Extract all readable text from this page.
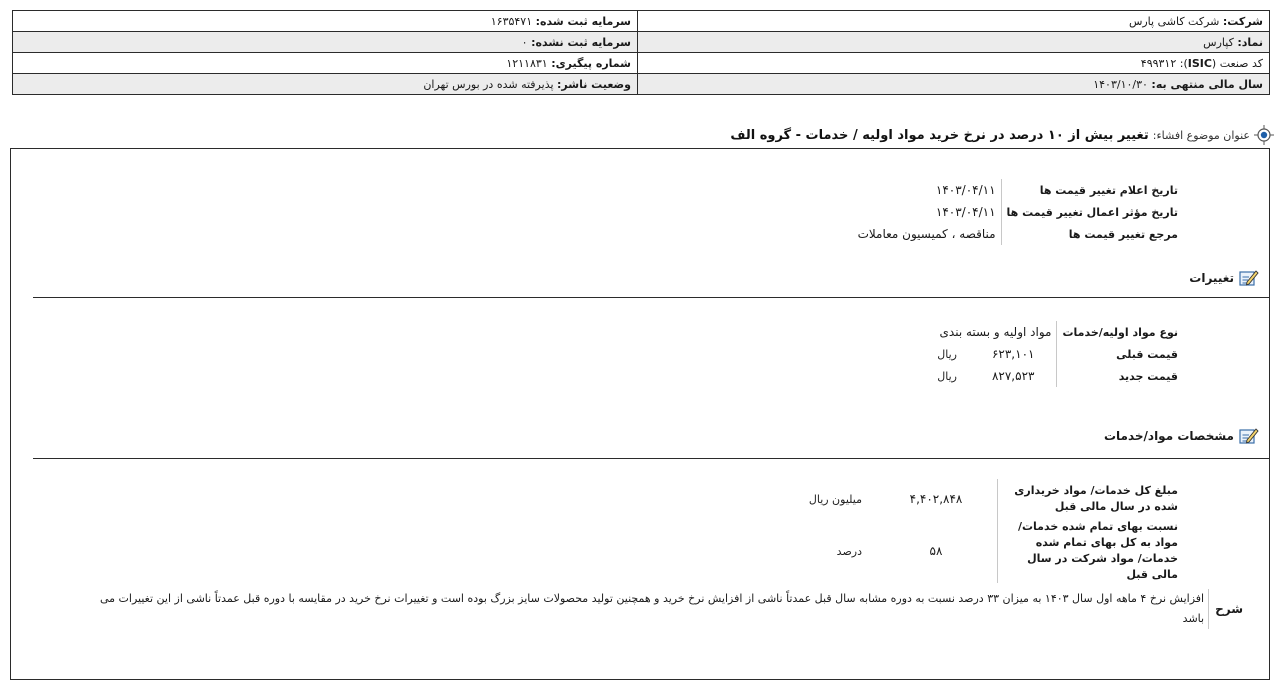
شرکت: شرکت کاشی پارس	سرمایه ثبت شده: ۱۶۳۵۴۷۱
نماد: کپارس	سرمایه ثبت نشده: ۰
کد صنعت (ISIC): ۴۹۹۳۱۲	شماره پیگیری: ۱۲۱۱۸۳۱
سال مالی منتهی به: ۱۴۰۳/۱۰/۳۰	وضعیت ناشر: پذیرفته شده در بورس تهران
عنوان موضوع افشاء:
تغییر بیش از ۱۰ درصد در نرخ خرید مواد اولیه / خدمات - گروه الف
تاریخ اعلام تغییر قیمت ها	۱۴۰۳/۰۴/۱۱
تاریخ مؤثر اعمال تغییر قیمت ها	۱۴۰۳/۰۴/۱۱
مرجع تغییر قیمت ها	مناقصه ، کمیسیون معاملات
تغییرات
نوع مواد اولیه/خدمات	مواد اولیه و بسته بندی	
قیمت قبلی	۶۲۳,۱۰۱	ریال
قیمت جدید	۸۲۷,۵۲۳	ریال
مشخصات مواد/خدمات
مبلغ کل خدمات/ مواد خریداری شده در سال مالی قبل	۴,۴۰۲,۸۴۸	میلیون ریال
نسبت بهای تمام شده خدمات/ مواد به کل بهای تمام شده خدمات/ مواد شرکت در سال مالی قبل	۵۸	درصد
شرح
افزایش نرخ ۴ ماهه اول سال ۱۴۰۳ به میزان ۳۳ درصد نسبت به دوره مشابه سال قبل عمدتاً ناشی از افزایش نرخ خرید و همچنین تولید محصولات سایز بزرگ بوده است و تغییرات نرخ خرید در مقایسه با دوره قبل عمدتاً ناشی از این تغییرات می باشد
